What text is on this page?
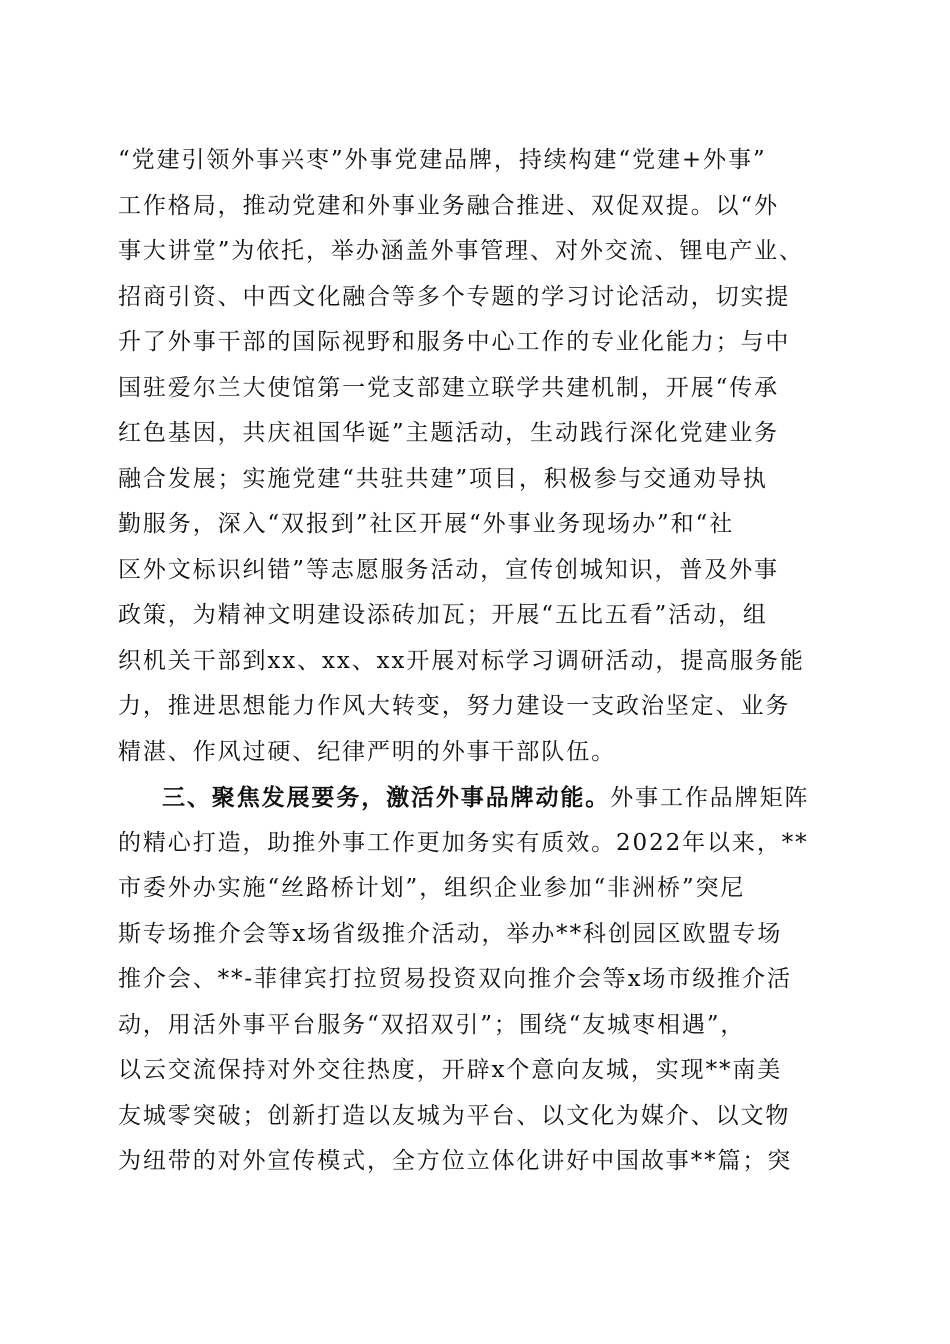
“党建引领外事兴枣”外事党建品牌，持续构建“党建+外事”
工作格局，推动党建和外事业务融合推进、双促双提。以“外
事大讲堂”为依托，举办涵盖外事管理、对外交流、锂电产业、
招商引资、中西文化融合等多个专题的学习讨论活动，切实提
升了外事干部的国际视野和服务中心工作的专业化能力；与中
国驻爱尔兰大使馆第一党支部建立联学共建机制，开展“传承
红色基因，共庆祖国华诞”主题活动，生动践行深化党建业务
融合发展；实施党建“共驻共建”项目，积极参与交通劝导执
勤服务，深入“双报到”社区开展“外事业务现场办”和“社
区外文标识纠错”等志愿服务活动，宣传创城知识，普及外事
政策，为精神文明建设添砖加瓦；开展“五比五看”活动，组
织机关干部到xx、xx、xx开展对标学习调研活动，提高服务能
力，推进思想能力作风大转变，努力建设一支政治坚定、业务
精湛、作风过硬、纪律严明的外事干部队伍。
三、聚焦发展要务，激活外事品牌动能。外事工作品牌矩阵
的精心打造，助推外事工作更加务实有质效。2022年以来，**
市委外办实施“丝路桥计划”，组织企业参加“非洲桥”突尼
斯专场推介会等x场省级推介活动，举办**科创园区欧盟专场
推介会、**-菲律宾打拉贸易投资双向推介会等x场市级推介活
动，用活外事平台服务“双招双引”；围绕“友城枣相遇”，
以云交流保持对外交往热度，开辟x个意向友城，实现**南美
友城零突破；创新打造以友城为平台、以文化为媒介、以文物
为纽带的对外宣传模式，全方位立体化讲好中国故事**篇；突
